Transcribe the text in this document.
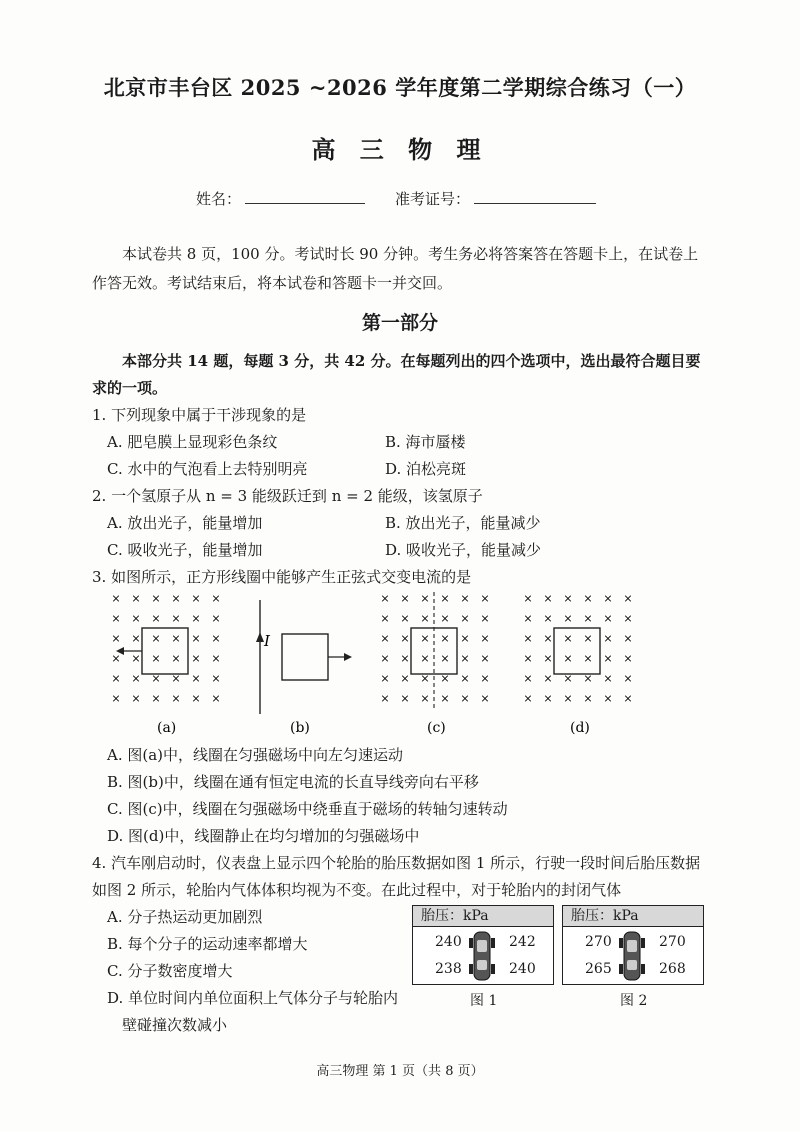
北京市丰台区 2025 ~2026 学年度第二学期综合练习（一）
高 三 物 理
姓名：	准考证号：
本试卷共 8 页，100 分。考试时长 90 分钟。考生务必将答案答在答题卡上，在试卷上作答无效。考试结束后，将本试卷和答题卡一并交回。
第一部分
本部分共 14 题，每题 3 分，共 42 分。在每题列出的四个选项中，选出最符合题目要求的一项。
1. 下列现象中属于干涉现象的是
A. 肥皂膜上显现彩色条纹	B. 海市蜃楼
C. 水中的气泡看上去特别明亮	D. 泊松亮斑
2. 一个氢原子从 n = 3 能级跃迁到 n = 2 能级，该氢原子
A. 放出光子，能量增加	B. 放出光子，能量减少
C. 吸收光子，能量增加	D. 吸收光子，能量减少
3. 如图所示，正方形线圈中能够产生正弦式交变电流的是
× × × × × ×
× × × × × ×
× × × × × ×
× × × × × ×
× × × × × ×
× × × × × ×
I
× × × × × ×
× × × × × ×
× × × × × ×
× × × × × ×
× × × × × ×
× × × × × ×
× × × × × ×
× × × × × ×
× × × × × ×
× × × × × ×
× × × × × ×
× × × × × ×
(a)	(b)	(c)	(d)
A. 图(a)中，线圈在匀强磁场中向左匀速运动
B. 图(b)中，线圈在通有恒定电流的长直导线旁向右平移
C. 图(c)中，线圈在匀强磁场中绕垂直于磁场的转轴匀速转动
D. 图(d)中，线圈静止在均匀增加的匀强磁场中
4. 汽车刚启动时，仪表盘上显示四个轮胎的胎压数据如图 1 所示，行驶一段时间后胎压数据
如图 2 所示，轮胎内气体体积均视为不变。在此过程中，对于轮胎内的封闭气体
A. 分子热运动更加剧烈
B. 每个分子的运动速率都增大
C. 分子数密度增大
D. 单位时间内单位面积上气体分子与轮胎内
壁碰撞次数减小
胎压：kPa
240	242
238	240
图 1
胎压：kPa
270	270
265	268
图 2
高三物理 第 1 页（共 8 页）
